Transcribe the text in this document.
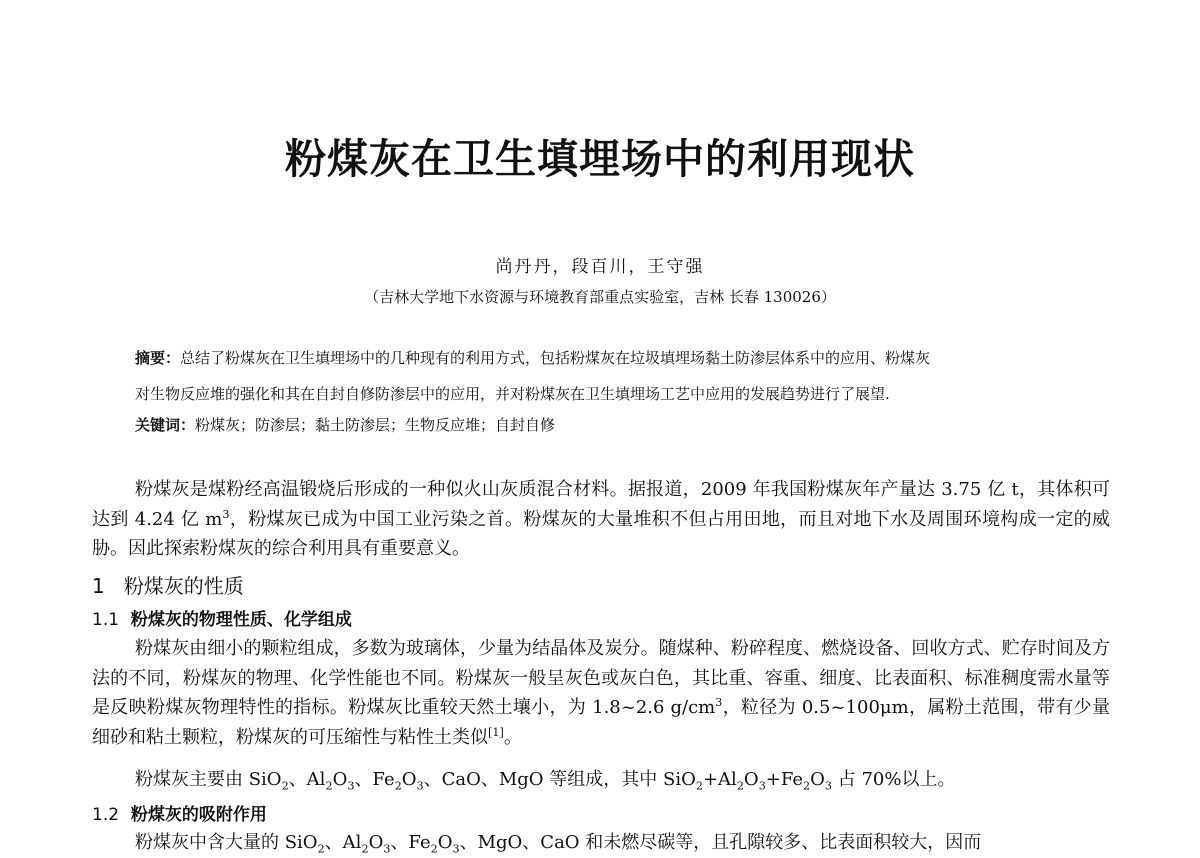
粉煤灰在卫生填埋场中的利用现状
尚丹丹，段百川，王守强
（吉林大学地下水资源与环境教育部重点实验室，吉林 长春 130026）
摘要：总结了粉煤灰在卫生填埋场中的几种现有的利用方式，包括粉煤灰在垃圾填埋场黏土防渗层体系中的应用、粉煤灰
对生物反应堆的强化和其在自封自修防渗层中的应用，并对粉煤灰在卫生填埋场工艺中应用的发展趋势进行了展望.
关键词：粉煤灰；防渗层；黏土防渗层；生物反应堆；自封自修

粉煤灰是煤粉经高温锻烧后形成的一种似火山灰质混合材料。据报道，2009 年我国粉煤灰年产量达 3.75 亿 t，其体积可达到 4.24 亿 $m^3$，粉煤灰已成为中国工业污染之首。粉煤灰的大量堆积不但占用田地，而且对地下水及周围环境构成一定的威胁。因此探索粉煤灰的综合利用具有重要意义。

1 粉煤灰的性质
1.1 粉煤灰的物理性质、化学组成

粉煤灰由细小的颗粒组成，多数为玻璃体，少量为结晶体及炭分。随煤种、粉碎程度、燃烧设备、回收方式、贮存时间及方法的不同，粉煤灰的物理、化学性能也不同。粉煤灰一般呈灰色或灰白色，其比重、容重、细度、比表面积、标准稠度需水量等是反映粉煤灰物理特性的指标。粉煤灰比重较天然土壤小，为 1.8~2.6 $g/cm^3$，粒径为 0.5~100μm，属粉土范围，带有少量细砂和粘土颗粒，粉煤灰的可压缩性与粘性土类似[1]。

粉煤灰主要由 SiO$_2$、$Al_2O_3$、$Fe_2O_3$、CaO、MgO 等组成，其中 $SiO_2+Al_2O_3+Fe_2O_3$ 占 70%以上。

1.2 粉煤灰的吸附作用

粉煤灰中含大量的 SiO$_2$、$Al_2O_3$、$Fe_2O_3$、MgO、CaO 和未燃尽碳等，且孔隙较多、比表面积较大，因而
